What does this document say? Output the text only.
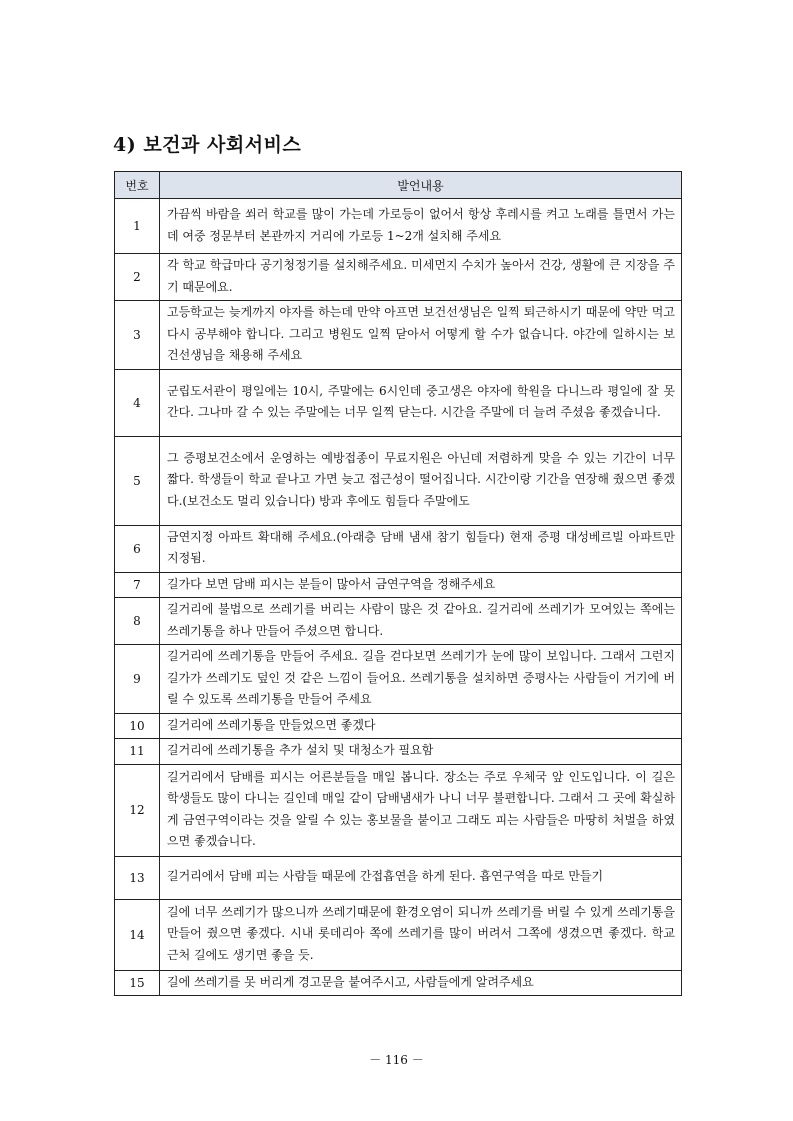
4) 보건과 사회서비스
번호	발언내용
1	가끔씩 바람을 쐬러 학교를 많이 가는데 가로등이 없어서 항상 후레시를 켜고 노래를 틀면서 가는데 여중 정문부터 본관까지 거리에 가로등 1~2개 설치해 주세요
2	각 학교 학급마다 공기청정기를 설치해주세요. 미세먼지 수치가 높아서 건강, 생활에 큰 지장을 주기 때문에요.
3	고등학교는 늦게까지 야자를 하는데 만약 아프면 보건선생님은 일찍 퇴근하시기 때문에 약만 먹고 다시 공부해야 합니다. 그리고 병원도 일찍 닫아서 어떻게 할 수가 없습니다. 야간에 일하시는 보건선생님을 채용해 주세요
4	군립도서관이 평일에는 10시, 주말에는 6시인데 중고생은 야자에 학원을 다니느라 평일에 잘 못간다. 그나마 갈 수 있는 주말에는 너무 일찍 닫는다. 시간을 주말에 더 늘려 주셨음 좋겠습니다.
5	그 증평보건소에서 운영하는 예방접종이 무료지원은 아닌데 저렴하게 맞을 수 있는 기간이 너무 짧다. 학생들이 학교 끝나고 가면 늦고 접근성이 떨어집니다. 시간이랑 기간을 연장해 줬으면 좋겠다.(보건소도 멀리 있습니다) 방과 후에도 힘들다 주말에도
6	금연지정 아파트 확대해 주세요.(아래층 담배 냄새 참기 힘들다) 현재 증평 대성베르빌 아파트만 지정됨.
7	길가다 보면 담배 피시는 분들이 많아서 금연구역을 정해주세요
8	길거리에 불법으로 쓰레기를 버리는 사람이 많은 것 같아요. 길거리에 쓰레기가 모여있는 쪽에는 쓰레기통을 하나 만들어 주셨으면 합니다.
9	길거리에 쓰레기통을 만들어 주세요. 길을 걷다보면 쓰레기가 눈에 많이 보입니다. 그래서 그런지 길가가 쓰레기도 덮인 것 같은 느낌이 들어요. 쓰레기통을 설치하면 증평사는 사람들이 거기에 버릴 수 있도록 쓰레기통을 만들어 주세요
10	길거리에 쓰레기통을 만들었으면 좋겠다
11	길거리에 쓰레기통을 추가 설치 및 대청소가 필요함
12	길거리에서 담배를 피시는 어른분들을 매일 봅니다. 장소는 주로 우체국 앞 인도입니다. 이 길은 학생들도 많이 다니는 길인데 매일 같이 담배냄새가 나니 너무 불편합니다. 그래서 그 곳에 확실하게 금연구역이라는 것을 알릴 수 있는 홍보물을 붙이고 그래도 피는 사람들은 마땅히 처벌을 하였으면 좋겠습니다.
13	길거리에서 담배 피는 사람들 때문에 간접흡연을 하게 된다. 흡연구역을 따로 만들기
14	길에 너무 쓰레기가 많으니까 쓰레기때문에 환경오염이 되니까 쓰레기를 버릴 수 있게 쓰레기통을 만들어 줬으면 좋겠다. 시내 롯데리아 쪽에 쓰레기를 많이 버려서 그쪽에 생겼으면 좋겠다. 학교 근처 길에도 생기면 좋을 듯.
15	길에 쓰레기를 못 버리게 경고문을 붙여주시고, 사람들에게 알려주세요
－ 116 －
